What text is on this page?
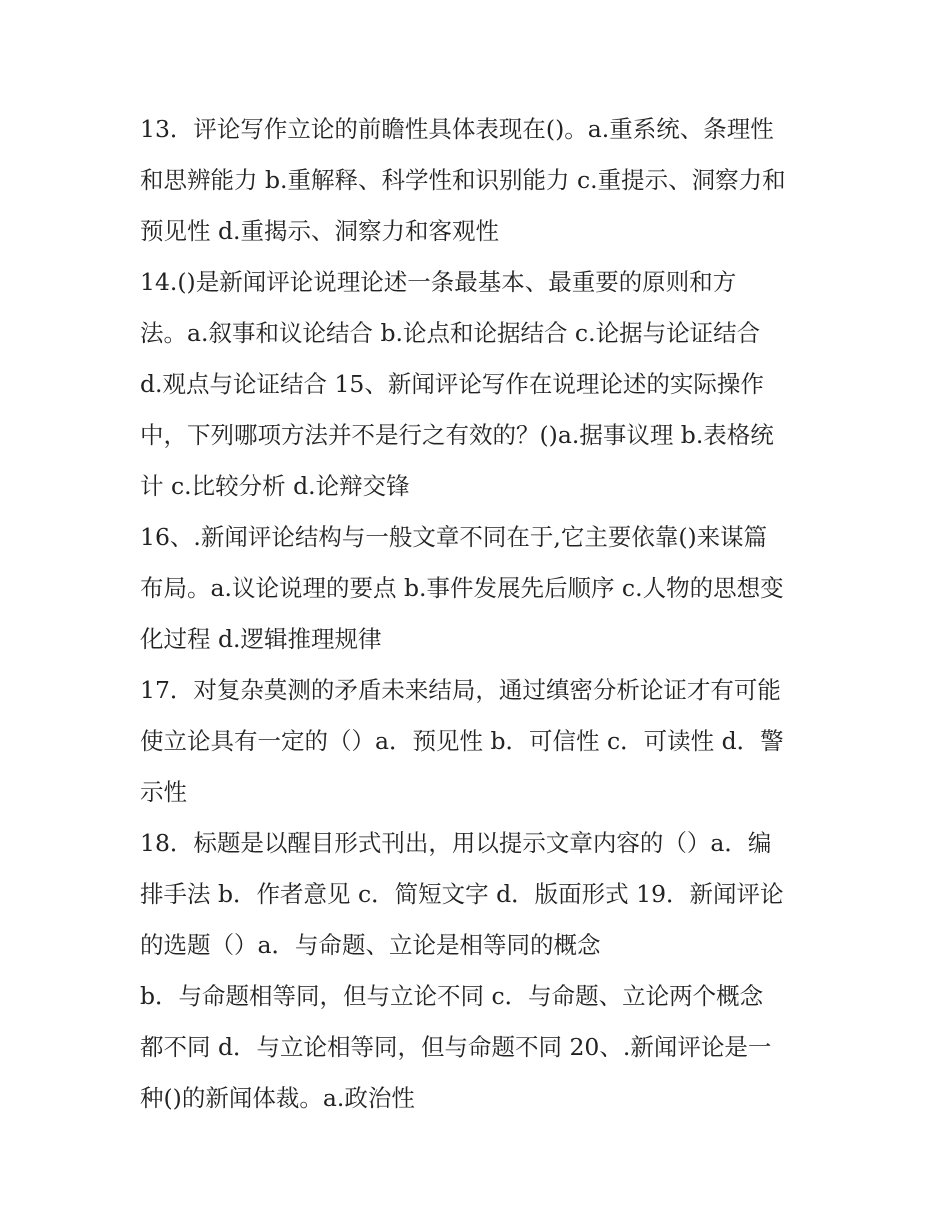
13．评论写作立论的前瞻性具体表现在()。a.重系统、条理性
和思辨能力 b.重解释、科学性和识别能力 c.重提示、洞察力和
预见性 d.重揭示、洞察力和客观性

14.()是新闻评论说理论述一条最基本、最重要的原则和方
法。a.叙事和议论结合 b.论点和论据结合 c.论据与论证结合
d.观点与论证结合 15、新闻评论写作在说理论述的实际操作
中，下列哪项方法并不是行之有效的？()a.据事议理 b.表格统
计 c.比较分析 d.论辩交锋

16、.新闻评论结构与一般文章不同在于,它主要依靠()来谋篇
布局。a.议论说理的要点 b.事件发展先后顺序 c.人物的思想变
化过程 d.逻辑推理规律

17．对复杂莫测的矛盾未来结局，通过缜密分析论证才有可能
使立论具有一定的（）a．预见性 b．可信性 c．可读性 d．警
示性

18．标题是以醒目形式刊出，用以提示文章内容的（）a．编
排手法 b．作者意见 c．简短文字 d．版面形式 19．新闻评论
的选题（）a．与命题、立论是相等同的概念

b．与命题相等同，但与立论不同 c．与命题、立论两个概念
都不同 d．与立论相等同，但与命题不同 20、.新闻评论是一
种()的新闻体裁。a.政治性
